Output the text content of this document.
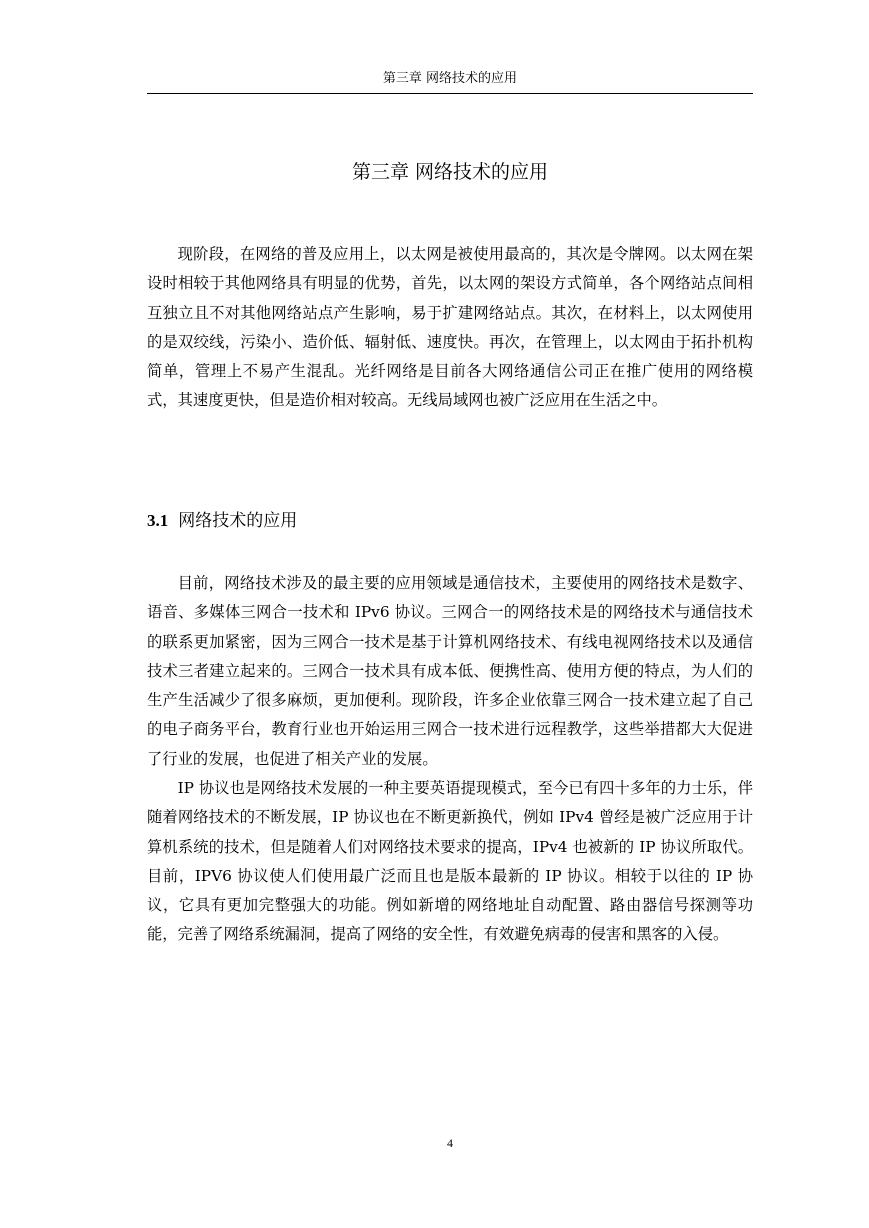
第三章 网络技术的应用
第三章 网络技术的应用

现阶段，在网络的普及应用上，以太网是被使用最高的，其次是令牌网。以太网在架设时相较于其他网络具有明显的优势，首先，以太网的架设方式简单，各个网络站点间相互独立且不对其他网络站点产生影响，易于扩建网络站点。其次，在材料上，以太网使用的是双绞线，污染小、造价低、辐射低、速度快。再次，在管理上，以太网由于拓扑机构简单，管理上不易产生混乱。光纤网络是目前各大网络通信公司正在推广使用的网络模式，其速度更快，但是造价相对较高。无线局域网也被广泛应用在生活之中。

3.1 网络技术的应用

目前，网络技术涉及的最主要的应用领域是通信技术，主要使用的网络技术是数字、语音、多媒体三网合一技术和 IPv6 协议。三网合一的网络技术是的网络技术与通信技术的联系更加紧密，因为三网合一技术是基于计算机网络技术、有线电视网络技术以及通信技术三者建立起来的。三网合一技术具有成本低、便携性高、使用方便的特点，为人们的生产生活减少了很多麻烦，更加便利。现阶段，许多企业依靠三网合一技术建立起了自己的电子商务平台，教育行业也开始运用三网合一技术进行远程教学，这些举措都大大促进了行业的发展，也促进了相关产业的发展。

IP 协议也是网络技术发展的一种主要英语提现模式，至今已有四十多年的力士乐，伴随着网络技术的不断发展，IP 协议也在不断更新换代，例如 IPv4 曾经是被广泛应用于计算机系统的技术，但是随着人们对网络技术要求的提高，IPv4 也被新的 IP 协议所取代。目前，IPV6 协议使人们使用最广泛而且也是版本最新的 IP 协议。相较于以往的 IP 协议，它具有更加完整强大的功能。例如新增的网络地址自动配置、路由器信号探测等功能，完善了网络系统漏洞，提高了网络的安全性，有效避免病毒的侵害和黑客的入侵。

4
